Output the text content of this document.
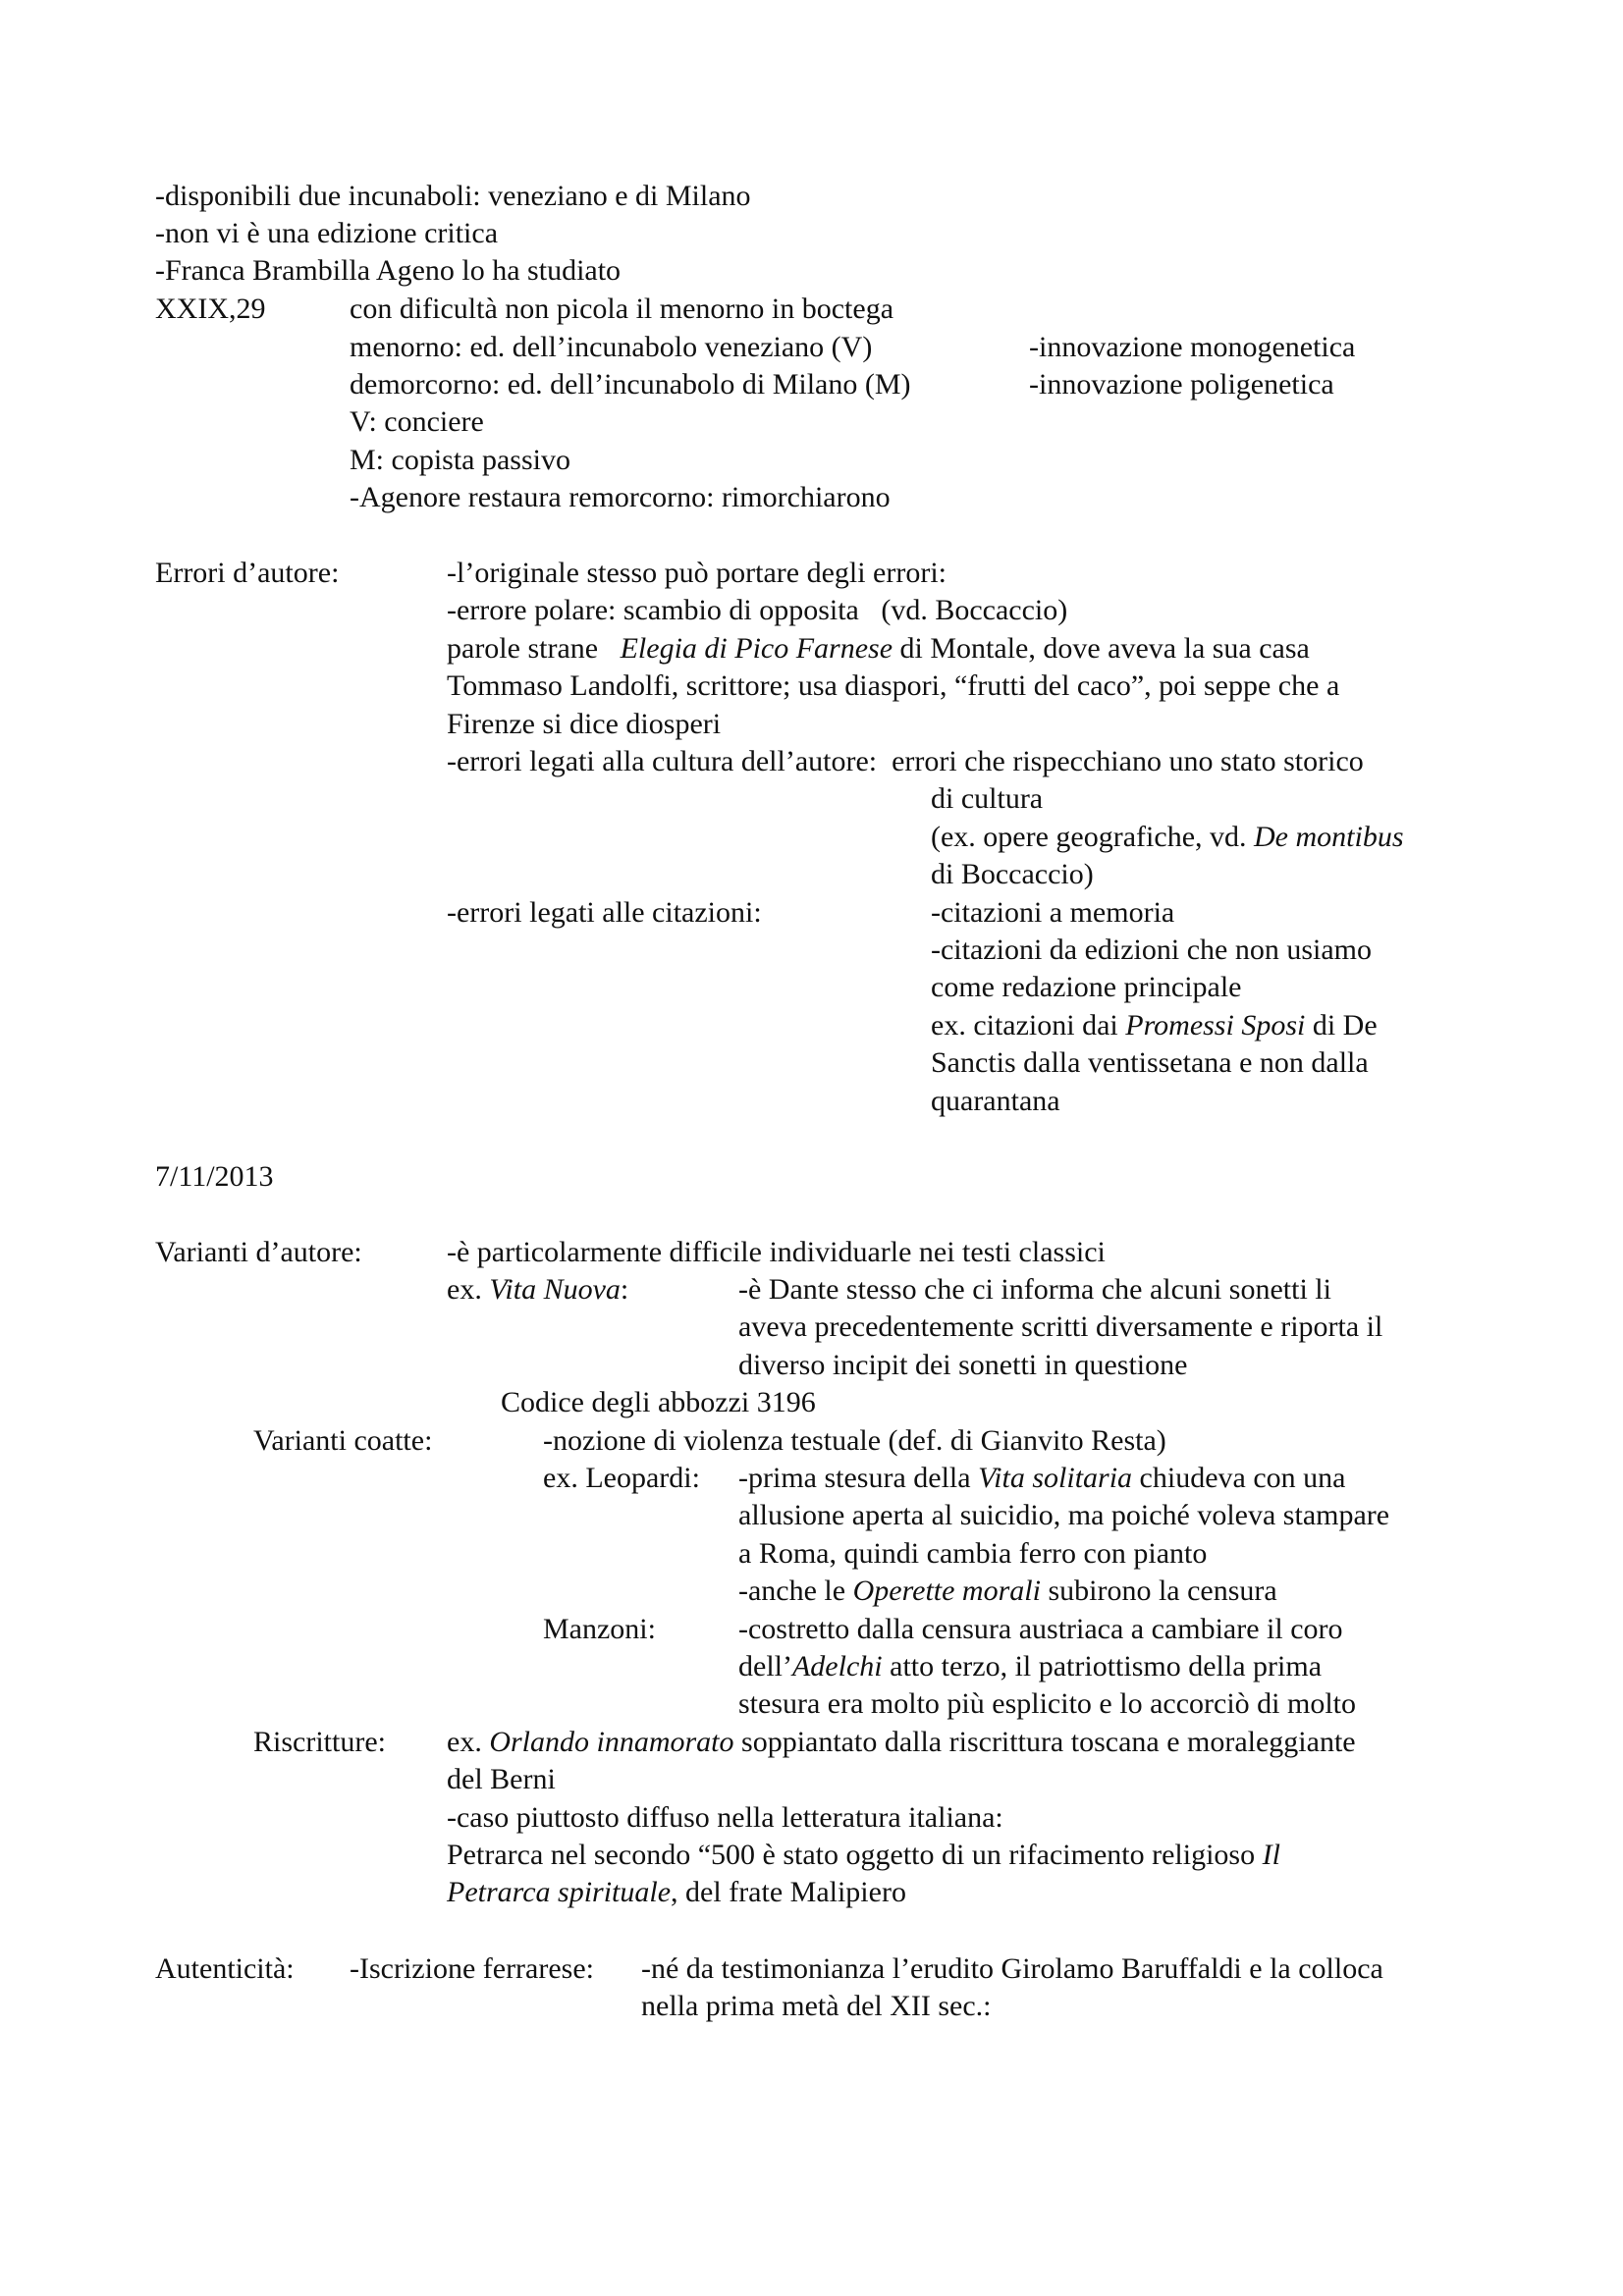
-disponibili due incunaboli: veneziano e di Milano
-non vi è una edizione critica
-Franca Brambilla Ageno lo ha studiato
XXIX,29	con dificultà non picola il menorno in boctega
menorno: ed. dell’incunabolo veneziano (V)	-innovazione monogenetica
demorcorno: ed. dell’incunabolo di Milano (M)	-innovazione poligenetica
V: conciere
M: copista passivo
-Agenore restaura remorcorno: rimorchiarono
Errori d’autore:	-l’originale stesso può portare degli errori:
-errore polare: scambio di opposita   (vd. Boccaccio)
parole strane   Elegia di Pico Farnese di Montale, dove aveva la sua casa
Tommaso Landolfi, scrittore; usa diaspori, “frutti del caco”, poi seppe che a
Firenze si dice diosperi
-errori legati alla cultura dell’autore:  errori che rispecchiano uno stato storico
di cultura
(ex. opere geografiche, vd. De montibus
di Boccaccio)
-errori legati alle citazioni:	-citazioni a memoria
-citazioni da edizioni che non usiamo
come redazione principale
ex. citazioni dai Promessi Sposi di De
Sanctis dalla ventissetana e non dalla
quarantana
7/11/2013
Varianti d’autore:	-è particolarmente difficile individuarle nei testi classici
ex. Vita Nuova:	-è Dante stesso che ci informa che alcuni sonetti li
aveva precedentemente scritti diversamente e riporta il
diverso incipit dei sonetti in questione
Codice degli abbozzi 3196
Varianti coatte:	-nozione di violenza testuale (def. di Gianvito Resta)
ex. Leopardi: -prima stesura della Vita solitaria chiudeva con una
allusione aperta al suicidio, ma poiché voleva stampare
a Roma, quindi cambia ferro con pianto
-anche le Operette morali subirono la censura
Manzoni:	-costretto dalla censura austriaca a cambiare il coro
dell’Adelchi atto terzo, il patriottismo della prima
stesura era molto più esplicito e lo accorciò di molto
Riscritture: ex. Orlando innamorato soppiantato dalla riscrittura toscana e moraleggiante
del Berni
-caso piuttosto diffuso nella letteratura italiana:
Petrarca nel secondo “500 è stato oggetto di un rifacimento religioso Il
Petrarca spirituale, del frate Malipiero
Autenticità: -Iscrizione ferrarese: -né da testimonianza l’erudito Girolamo Baruffaldi e la colloca
nella prima metà del XII sec.:
